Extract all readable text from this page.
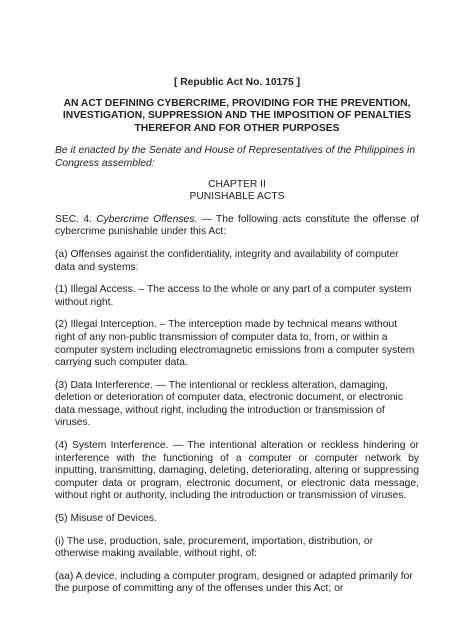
[ Republic Act No. 10175 ]
AN ACT DEFINING CYBERCRIME, PROVIDING FOR THE PREVENTION, INVESTIGATION, SUPPRESSION AND THE IMPOSITION OF PENALTIES THEREFOR AND FOR OTHER PURPOSES
Be it enacted by the Senate and House of Representatives of the Philippines in Congress assembled:
CHAPTER II
PUNISHABLE ACTS
SEC. 4. Cybercrime Offenses. — The following acts constitute the offense of cybercrime punishable under this Act:
(a) Offenses against the confidentiality, integrity and availability of computer data and systems:
(1) Illegal Access. – The access to the whole or any part of a computer system without right.
(2) Illegal Interception. – The interception made by technical means without right of any non-public transmission of computer data to, from, or within a computer system including electromagnetic emissions from a computer system carrying such computer data.
(3) Data Interference. — The intentional or reckless alteration, damaging, deletion or deterioration of computer data, electronic document, or electronic data message, without right, including the introduction or transmission of viruses.
(4) System Interference. — The intentional alteration or reckless hindering or interference with the functioning of a computer or computer network by inputting, transmitting, damaging, deleting, deteriorating, altering or suppressing computer data or program, electronic document, or electronic data message, without right or authority, including the introduction or transmission of viruses.
(5) Misuse of Devices.
(i) The use, production, sale, procurement, importation, distribution, or otherwise making available, without right, of:
(aa) A device, including a computer program, designed or adapted primarily for the purpose of committing any of the offenses under this Act; or
